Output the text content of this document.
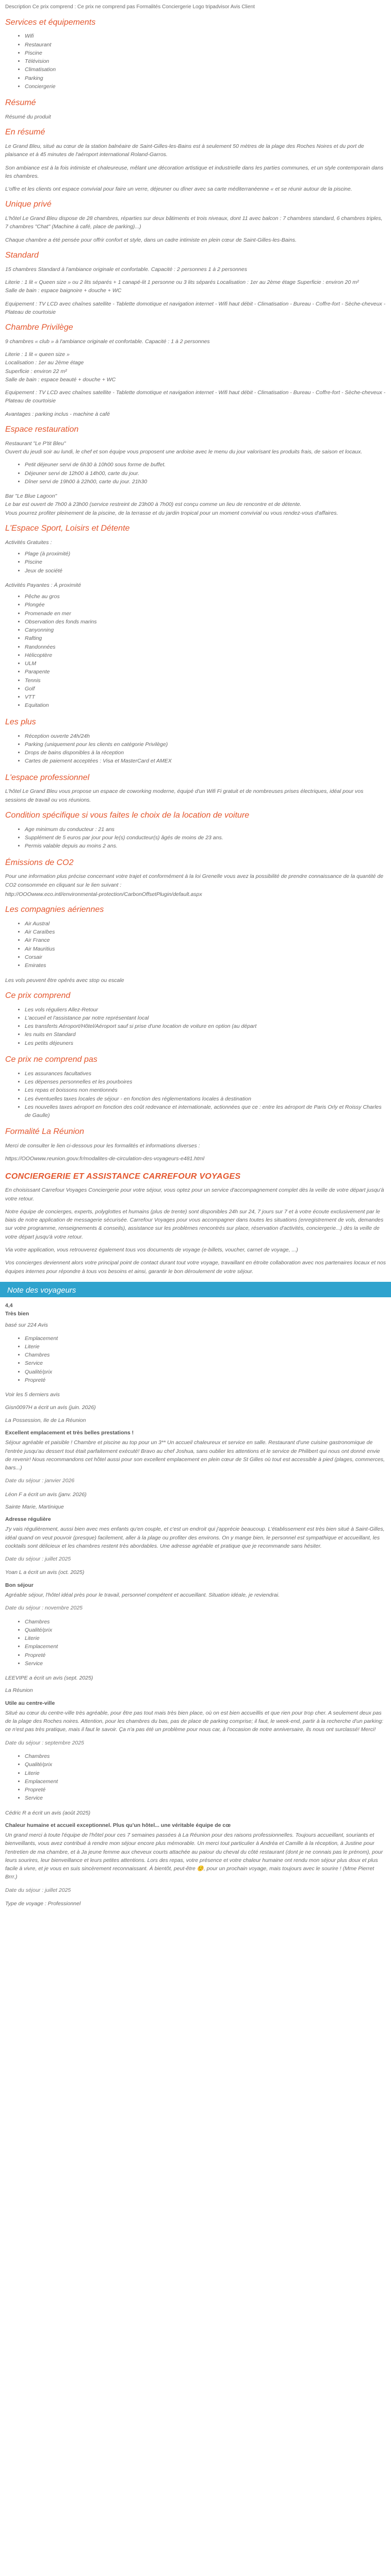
Description Ce prix comprend : Ce prix ne comprend pas Formalités Conciergerie Logo tripadvisor Avis Client

Services et équipements
• Wifi
• Restaurant
• Piscine
• Télévision
• Climatisation
• Parking
• Conciergerie
Résumé

Résumé du produit

En résumé

Le Grand Bleu, situé au cœur de la station balnéaire de Saint-Gilles-les-Bains est à seulement 50 mètres de la plage des Roches Noires et du port de plaisance et à 45 minutes de l'aéroport international Roland-Garros.

Son ambiance est à la fois intimiste et chaleureuse, mêlant une décoration artistique et industrielle dans les parties communes, et un style contemporain dans les chambres.

L'offre et les clients ont espace convivial pour faire un verre, déjeuner ou dîner avec sa carte méditerranéenne « et se réunir autour de la piscine.

Unique privé

L'hôtel Le Grand Bleu dispose de 28 chambres, réparties sur deux bâtiments et trois niveaux, dont 11 avec balcon : 7 chambres standard, 6 chambres triples, 7 chambres "Chat" (Machine à café, place de parking)...)

Chaque chambre a été pensée pour offrir confort et style, dans un cadre intimiste en plein cœur de Saint-Gilles-les-Bains.

Standard

15 chambres Standard à l'ambiance originale et confortable. Capacité : 2 personnes 1 à 2 personnes

Literie : 1 lit « Queen size » ou 2 lits séparés + 1 canapé-lit 1 personne ou 3 lits séparés Localisation : 1er au 2ème étage Superficie : environ 20 m²
Salle de bain : espace baignoire + douche + WC

Equipement : TV LCD avec chaînes satellite - Tablette domotique et navigation internet - Wifi haut débit - Climatisation - Bureau - Coffre-fort - Sèche-cheveux - Plateau de courtoisie

Chambre Privilège

9 chambres « club » à l'ambiance originale et confortable. Capacité : 1 à 2 personnes

Literie : 1 lit « queen size »
Localisation : 1er au 2ème étage
Superficie : environ 22 m²
Salle de bain : espace beauté + douche + WC

Equipement : TV LCD avec chaînes satellite - Tablette domotique et navigation internet - Wifi haut débit - Climatisation - Bureau - Coffre-fort - Sèche-cheveux - Plateau de courtoisie

Avantages : parking inclus - machine à café

Espace restauration

Restaurant "Le P'tit Bleu"
Ouvert du jeudi soir au lundi, le chef et son équipe vous proposent une ardoise avec le menu du jour valorisant les produits frais, de saison et locaux.

• Petit déjeuner servi de 6h30 à 10h00 sous forme de buffet.
• Déjeuner servi de 12h00 à 14h00, carte du jour.
• Dîner servi de 19h00 à 22h00, carte du jour. 21h30

Bar "Le Blue Lagoon"

Le bar est ouvert de 7h00 à 23h00 (service restreint de 23h00 à 7h00) est conçu comme un lieu de rencontre et de détente.
Vous pourrez profiter pleinement de la piscine, de la terrasse et du jardin tropical pour un moment convivial ou vous rendez-vous d'affaires.

L'Espace Sport, Loisirs et Détente

Activités Gratuites :

• Plage (à proximité)
• Piscine
• Jeux de société

Activités Payantes : À proximité

• Pêche au gros
• Plongée
• Promenade en mer
• Observation des fonds marins
• Canyonning
• Rafting
• Randonnées
• Hélicoptère
• ULM
• Parapente
• Tennis
• Golf
• VTT
• Equitation
Les plus
• Réception ouverte 24h/24h
• Parking (uniquement pour les clients en catégorie Privilège)
• Drops de bains disponibles à la réception
• Cartes de paiement acceptées : Visa et MasterCard et AMEX
L'espace professionnel

L'hôtel Le Grand Bleu vous propose un espace de coworking moderne, équipé d'un Wifi Fi gratuit et de nombreuses prises électriques, idéal pour vos sessions de travail ou vos réunions.

Condition spécifique si vous faites le choix de la location de voiture
• Age minimum du conducteur : 21 ans
• Supplément de 5 euros par jour pour le(s) conducteur(s) âgés de moins de 23 ans.
• Permis valable depuis au moins 2 ans.
Émissions de CO2

Pour une information plus précise concernant votre trajet et conformément à la loi Grenelle vous avez la possibilité de prendre connaissance de la quantité de CO2 consommée en cliquant sur le lien suivant :

http://OOOwww.eco.intl/environmental-protection/CarbonOffsetPlugin/default.aspx

Les compagnies aériennes
• Air Austral
• Air Caraïbes
• Air France
• Air Mauritius
• Corsair
• Emirates

Les vols peuvent être opérés avec stop ou escale

Ce prix comprend
• Les vols réguliers Allez-Retour
• L'accueil et l'assistance par notre représentant local
• Les transferts Aéroport/Hôtel/Aéroport sauf si prise d'une location de voiture en option (au départ
• les nuits en Standard
• Les petits déjeuners
Ce prix ne comprend pas
• Les assurances facultatives
• Les dépenses personnelles et les pourboires
• Les repas et boissons non mentionnés
• Les éventuelles taxes locales de séjour - en fonction des réglementations locales à destination
• Les nouvelles taxes aéroport en fonction des coût redevance et internationale, actionnées que ce : entre les aéroport de Paris Orly et Roissy Charles de Gaulle)
Formalité La Réunion

Merci de consulter le lien ci-dessous pour les formalités et informations diverses :

https://OOOwww.reunion.gouv.fr/modalites-de-circulation-des-voyageurs-e481.html

CONCIERGERIE ET ASSISTANCE CARREFOUR VOYAGES

En choisissant Carrefour Voyages Conciergerie pour votre séjour, vous optez pour un service d'accompagnement complet dès la veille de votre départ jusqu'à votre retour.

Notre équipe de concierges, experts, polyglottes et humains (plus de trente) sont disponibles 24h sur 24, 7 jours sur 7 et à votre écoute exclusivement par le biais de notre application de messagerie sécurisée. Carrefour Voyages pour vous accompagner dans toutes les situations (enregistrement de vols, demandes sur votre programme, renseignements & conseils), assistance sur les problèmes rencontrés sur place, réservation d'activités, conciergerie...) dès la veille de votre départ jusqu'à votre retour.

Via votre application, vous retrouverez également tous vos documents de voyage (e-billets, voucher, carnet de voyage, ...)

Vos concierges deviennent alors votre principal point de contact durant tout votre voyage, travaillant en étroite collaboration avec nos partenaires locaux et nos équipes internes pour répondre à tous vos besoins et ainsi, garantir le bon déroulement de votre séjour.

Note des voyageurs

4,4

Très bien

basé sur 224 Avis

• Emplacement
• Literie
• Chambres
• Service
• Qualité/prix
• Propreté

Voir les 5 derniers avis

Gisn0097H a écrit un avis (juin. 2026)

La Possession, Ile de La Réunion

Excellent emplacement et très belles prestations !

Séjour agréable et paisible ! Chambre et piscine au top pour un 3** Un accueil chaleureux et service en salle. Restaurant d'une cuisine gastronomique de l'entrée jusqu'au dessert tout était parfaitement exécuté! Bravo au chef Joshua, sans oublier les attentions et le service de Philibert qui nous ont donné envie de revenir! Nous recommandons cet hôtel aussi pour son excellent emplacement en plein cœur de St Gilles où tout est accessible à pied (plages, commerces, bars...)

Date du séjour : janvier 2026

Léon F a écrit un avis (janv. 2026)

Sainte Marie, Martinique

Adresse régulière

J'y vais régulièrement, aussi bien avec mes enfants qu'en couple, et c'est un endroit qui j'apprécie beaucoup. L'établissement est très bien situé à Saint-Gilles, idéal quand on veut pouvoir (presque) facilement, aller à la plage ou profiter des environs. On y mange bien, le personnel est sympathique et accueillant, les cocktails sont délicieux et les chambres restent très abordables. Une adresse agréable et pratique que je recommande sans hésiter.

Date du séjour : juillet 2025

Yoan L a écrit un avis (oct. 2025)

Bon séjour

Agréable séjour, l'hôtel idéal près pour le travail, personnel compétent et accueillant. Situation idéale, je reviendrai.

Date du séjour : novembre 2025

• Chambres
• Qualité/prix
• Literie
• Emplacement
• Propreté
• Service

LEEVIPE a écrit un avis (sept. 2025)

La Réunion

Utile au centre-ville

Situé au cœur du centre-ville très agréable, pour être pas tout mais très bien place, où on est bien accueillis et que rien pour trop cher. A seulement deux pas de la plage des Roches noires. Attention, pour les chambres du bas, pas de place de parking comprise; il faut, le week-end, partir à la recherche d'un parking: ce n'est pas très pratique, mais il faut le savoir. Ça n'a pas été un problème pour nous car, à l'occasion de notre anniversaire, ils nous ont surclassé! Merci!

Date du séjour : septembre 2025

• Chambres
• Qualité/prix
• Literie
• Emplacement
• Propreté
• Service

Cédric R a écrit un avis (août 2025)

Chaleur humaine et accueil exceptionnel. Plus qu'un hôtel... une véritable équipe de cœ

Un grand merci à toute l'équipe de l'hôtel pour ces 7 semaines passées à La Réunion pour des raisons professionnelles. Toujours accueillant, souriants et bienveillants, vous avez contribué à rendre mon séjour encore plus mémorable. Un merci tout particulier à Andréa et Camille à la réception, à Justine pour l'entretien de ma chambre, et à Ja jeune femme aux cheveux courts attachée au paiour du cheval du côté restaurant (dont je ne connais pas le prénom), pour leurs sourires, leur bienveillance et leurs petites attentions. Lors des repas, votre présence et votre chaleur humaine ont rendu mon séjour plus doux et plus facile à vivre, et je vous en suis sincèrement reconnaissant. À bientôt, peut-être ☺️, pour un prochain voyage, mais toujours avec le sourire ! (Mme Pierret Brrr.)

Date du séjour : juillet 2025

Type de voyage : Professionnel
